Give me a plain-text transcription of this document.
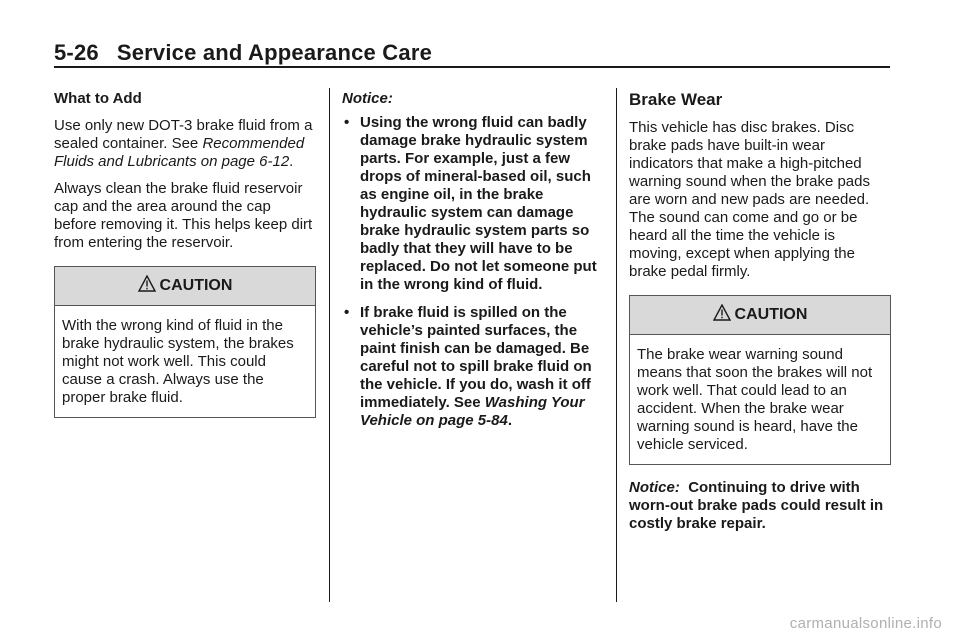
5-26 Service and Appearance Care

What to Add

Use only new DOT-3 brake fluid from a sealed container. See Recommended Fluids and Lubricants on page 6-12.

Always clean the brake fluid reservoir cap and the area around the cap before removing it. This helps keep dirt from entering the reservoir.

CAUTION
With the wrong kind of fluid in the brake hydraulic system, the brakes might not work well. This could cause a crash. Always use the proper brake fluid.

Notice:

• Using the wrong fluid can badly damage brake hydraulic system parts. For example, just a few drops of mineral-based oil, such as engine oil, in the brake hydraulic system can damage brake hydraulic system parts so badly that they will have to be replaced. Do not let someone put in the wrong kind of fluid.
• If brake fluid is spilled on the vehicle’s painted surfaces, the paint finish can be damaged. Be careful not to spill brake fluid on the vehicle. If you do, wash it off immediately. See Washing Your Vehicle on page 5-84.
Brake Wear

This vehicle has disc brakes. Disc brake pads have built-in wear indicators that make a high-pitched warning sound when the brake pads are worn and new pads are needed. The sound can come and go or be heard all the time the vehicle is moving, except when applying the brake pedal firmly.

CAUTION
The brake wear warning sound means that soon the brakes will not work well. That could lead to an accident. When the brake wear warning sound is heard, have the vehicle serviced.

Notice: Continuing to drive with worn-out brake pads could result in costly brake repair.

carmanualsonline.info
